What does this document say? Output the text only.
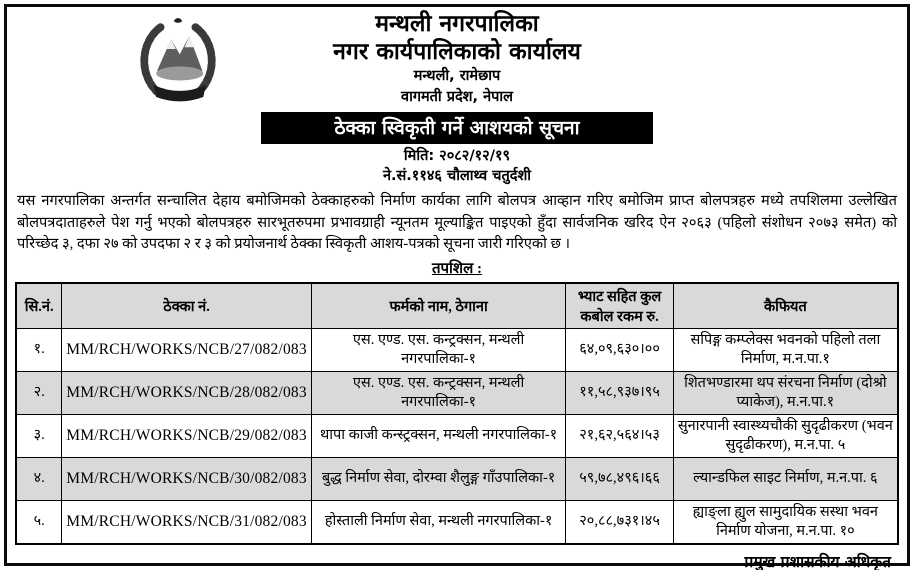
मन्थली नगरपालिका
नगर कार्यपालिकाको कार्यालय
मन्थली, रामेछाप
वागमती प्रदेश, नेपाल
ठेक्का स्विकृती गर्ने आशयको सूचना
मिति: २०८२/१२/१९
ने.सं.११४६ चौलाथ्व चतुर्दशी
यस नगरपालिका अन्तर्गत सन्चालित देहाय बमोजिमको ठेक्काहरुको निर्माण कार्यका लागि बोलपत्र आव्हान गरिए बमोजिम प्राप्त बोलपत्रहरु मध्ये तपशिलमा उल्लेखित बोलपत्रदाताहरुले पेश गर्नु भएको बोलपत्रहरु सारभूतरुपमा प्रभावग्राही न्यूनतम मूल्याङ्कित पाइएको हुँदा सार्वजनिक खरिद ऐन २०६३ (पहिलो संशोधन २०७३ समेत) को परिच्छेद ३, दफा २७ को उपदफा २ र ३ को प्रयोजनार्थ ठेक्का स्विकृती आशय-पत्रको सूचना जारी गरिएको छ ।
तपशिल :
सि.नं.	ठेक्का नं.	फर्मको नाम, ठेगाना	भ्याट सहित कुल कबोल रकम रु.	कैफियत
१.	MM/RCH/WORKS/NCB/27/082/083	एस. एण्ड. एस. कन्ट्रक्सन, मन्थली नगरपालिका-१	६४,०९,६३०।००	सपिङ्ग कम्प्लेक्स भवनको पहिलो तला निर्माण, म.न.पा.१
२.	MM/RCH/WORKS/NCB/28/082/083	एस. एण्ड. एस. कन्ट्रक्सन, मन्थली नगरपालिका-१	११,५८,९३७।९५	शितभण्डारमा थप संरचना निर्माण (दोश्रो प्याकेज), म.न.पा.१
३.	MM/RCH/WORKS/NCB/29/082/083	थापा काजी कन्स्ट्रक्सन, मन्थली नगरपालिका-१	२१,६२,५६४।५३	सुनारपानी स्वास्थ्यचौकी सुदृढीकरण (भवन सुदृढीकरण), म.न.पा. ५
४.	MM/RCH/WORKS/NCB/30/082/083	बुद्ध निर्माण सेवा, दोरम्वा शैलुङ्ग गाँउपालिका-१	५९,७८,४९६।६६	ल्यान्डफिल साइट निर्माण, म.न.पा. ६
५.	MM/RCH/WORKS/NCB/31/082/083	होस्ताली निर्माण सेवा, मन्थली नगरपालिका-१	२०,८८,७३१।४५	ह्याङ्ला ह्युल सामुदायिक सस्था भवन निर्माण योजना, म.न.पा. १०
प्रमुख प्रशासकीय अधिकृत
